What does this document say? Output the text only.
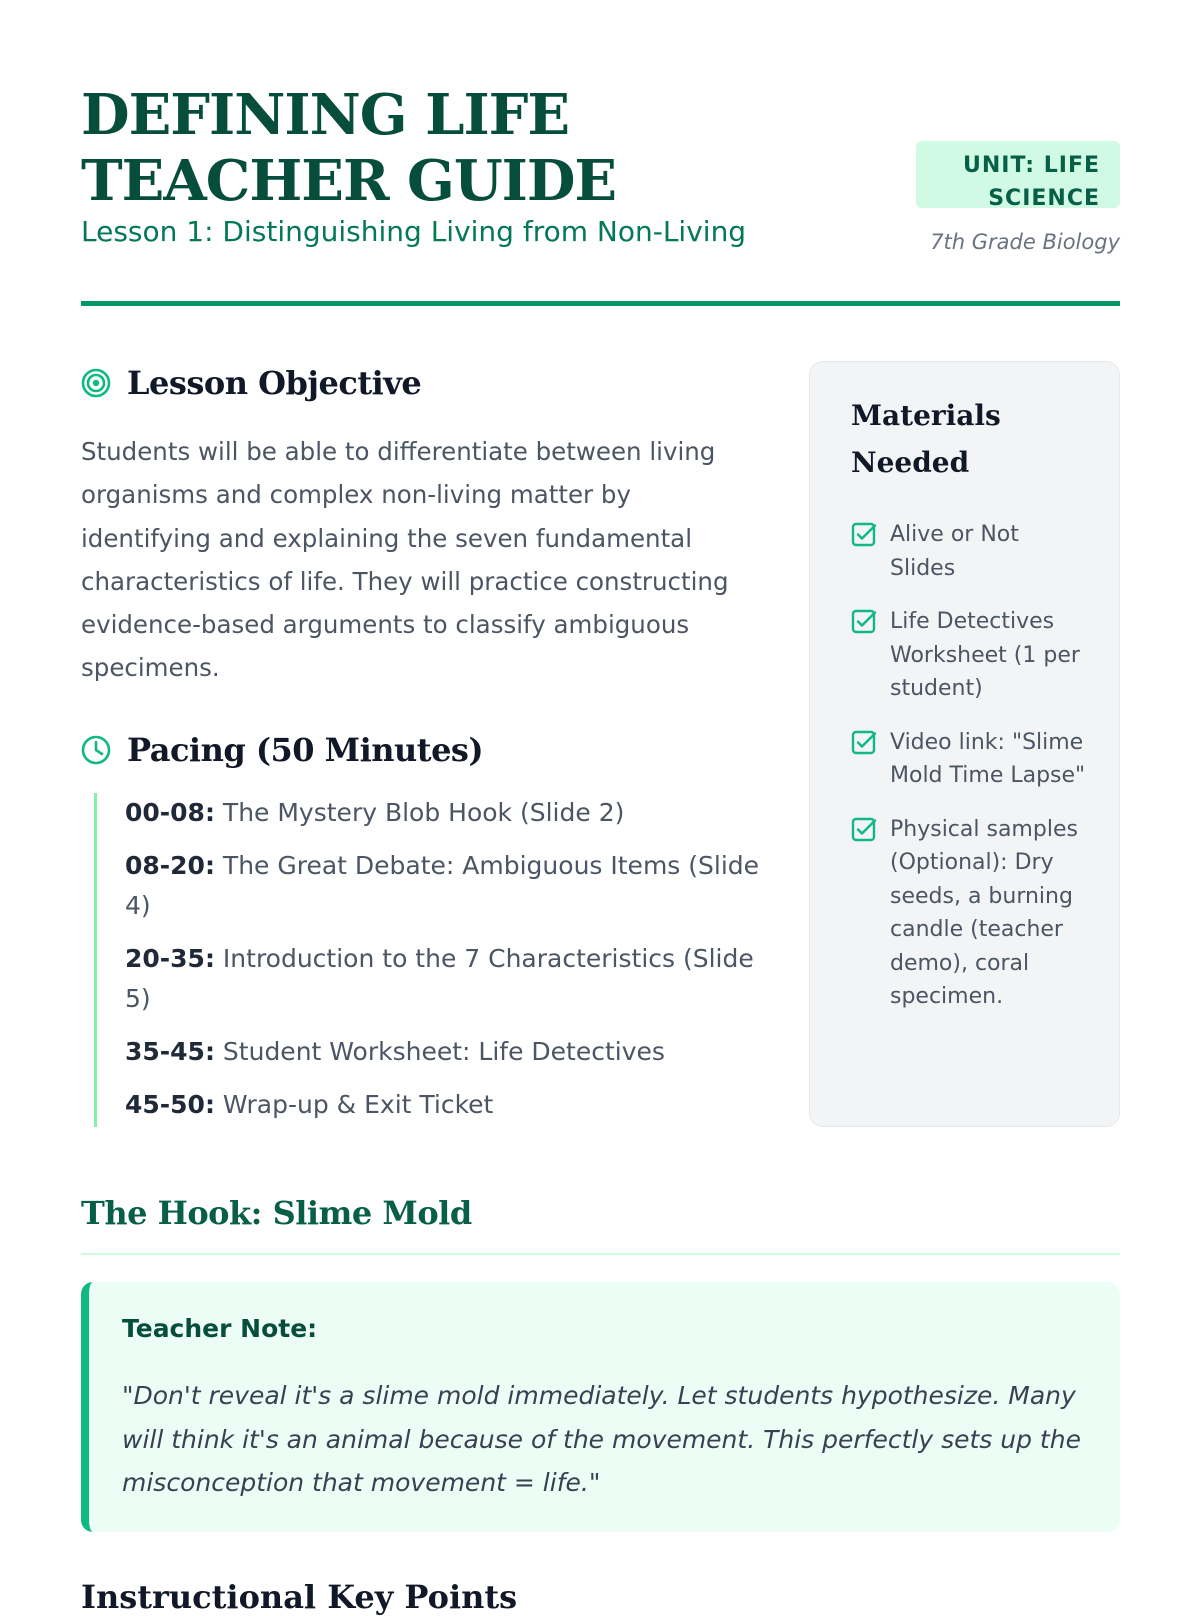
DEFINING LIFE TEACHER GUIDE

Lesson 1: Distinguishing Living from Non-Living

UNIT: LIFE SCIENCE
7th Grade Biology
Lesson Objective

Students will be able to differentiate between living organisms and complex non-living matter by identifying and explaining the seven fundamental characteristics of life. They will practice constructing evidence-based arguments to classify ambiguous specimens.

Pacing (50 Minutes)
00-08: The Mystery Blob Hook (Slide 2)
08-20: The Great Debate: Ambiguous Items (Slide 4)
20-35: Introduction to the 7 Characteristics (Slide 5)
35-45: Student Worksheet: Life Detectives
45-50: Wrap-up & Exit Ticket
Materials Needed
Alive or Not Slides
Life Detectives Worksheet (1 per student)
Video link: "Slime Mold Time Lapse"
Physical samples (Optional): Dry seeds, a burning candle (teacher demo), coral specimen.
The Hook: Slime Mold

Teacher Note:

"Don't reveal it's a slime mold immediately. Let students hypothesize. Many will think it's an animal because of the movement. This perfectly sets up the misconception that movement = life."

Instructional Key Points
